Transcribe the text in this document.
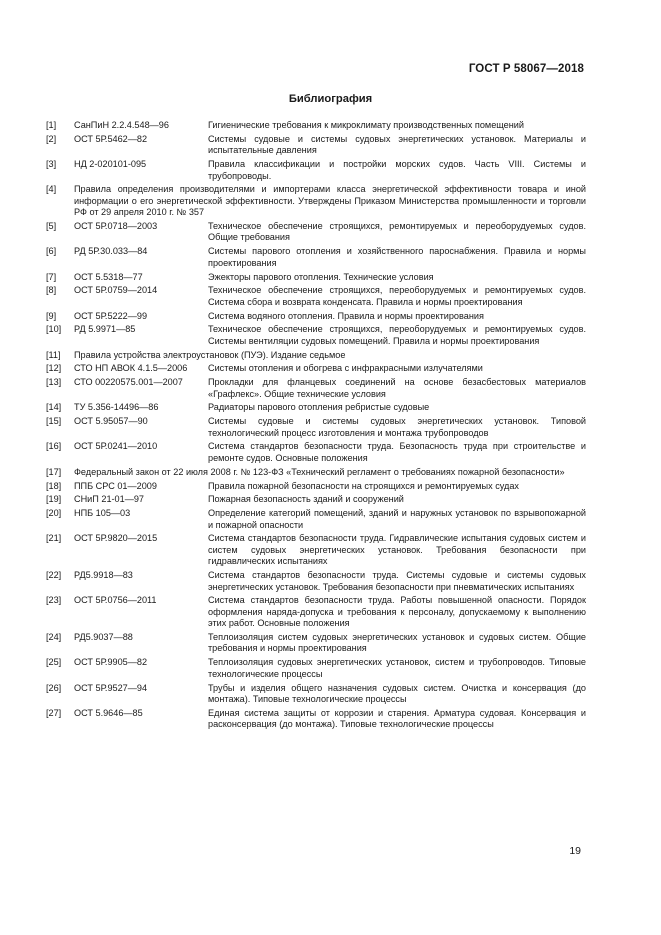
ГОСТ Р 58067—2018
Библиография
[1] СанПиН 2.2.4.548—96	Гигиенические требования к микроклимату производственных помещений
[2] ОСТ 5Р.5462—82	Системы судовые и системы судовых энергетических установок. Материалы и испытательные давления
[3] НД 2-020101-095	Правила классификации и постройки морских судов. Часть VIII. Системы и трубопроводы.
[4] Правила определения производителями и импортерами класса энергетической эффективности товара и иной информации о его энергетической эффективности. Утверждены Приказом Министерства промышленности и торговли РФ от 29 апреля 2010 г. № 357
[5] ОСТ 5Р.0718—2003	Техническое обеспечение строящихся, ремонтируемых и переоборудуемых судов. Общие требования
[6] РД 5Р.30.033—84	Системы парового отопления и хозяйственного пароснабжения. Правила и нормы проектирования
[7] ОСТ 5.5318—77	Эжекторы парового отопления. Технические условия
[8] ОСТ 5Р.0759—2014	Техническое обеспечение строящихся, переоборудуемых и ремонтируемых судов. Система сбора и возврата конденсата. Правила и нормы проектирования
[9] ОСТ 5Р.5222—99	Система водяного отопления. Правила и нормы проектирования
[10] РД 5.9971—85	Техническое обеспечение строящихся, переоборудуемых и ремонтируемых судов. Системы вентиляции судовых помещений. Правила и нормы проектирования
[11] Правила устройства электроустановок (ПУЭ). Издание седьмое
[12] СТО НП АВОК 4.1.5—2006 Системы отопления и обогрева с инфракрасными излучателями
[13] СТО 00220575.001—2007	Прокладки для фланцевых соединений на основе безасбестовых материалов «Графлекс». Общие технические условия
[14] ТУ 5.356-14496—86	Радиаторы парового отопления ребристые судовые
[15] ОСТ 5.95057—90	Системы судовые и системы судовых энергетических установок. Типовой технологический процесс изготовления и монтажа трубопроводов
[16] ОСТ 5Р.0241—2010	Система стандартов безопасности труда. Безопасность труда при строительстве и ремонте судов. Основные положения
[17] Федеральный закон от 22 июля 2008 г. № 123-ФЗ «Технический регламент о требованиях пожарной безопасности»
[18] ППБ СРС 01—2009	Правила пожарной безопасности на строящихся и ремонтируемых судах
[19] СНиП 21-01—97	Пожарная безопасность зданий и сооружений
[20] НПБ 105—03	Определение категорий помещений, зданий и наружных установок по взрывопожарной и пожарной опасности
[21] ОСТ 5Р.9820—2015	Система стандартов безопасности труда. Гидравлические испытания судовых систем и систем судовых энергетических установок. Требования безопасности при гидравлических испытаниях
[22] РД5.9918—83	Система стандартов безопасности труда. Системы судовые и системы судовых энергетических установок. Требования безопасности при пневматических испытаниях
[23] ОСТ 5Р.0756—2011	Система стандартов безопасности труда. Работы повышенной опасности. Порядок оформления наряда-допуска и требования к персоналу, допускаемому к выполнению этих работ. Основные положения
[24] РД5.9037—88	Теплоизоляция систем судовых энергетических установок и судовых систем. Общие требования и нормы проектирования
[25] ОСТ 5Р.9905—82	Теплоизоляция судовых энергетических установок, систем и трубопроводов. Типовые технологические процессы
[26] ОСТ 5Р.9527—94	Трубы и изделия общего назначения судовых систем. Очистка и консервация (до монтажа). Типовые технологические процессы
[27] ОСТ 5.9646—85	Единая система защиты от коррозии и старения. Арматура судовая. Консервация и расконсервация (до монтажа). Типовые технологические процессы
19
